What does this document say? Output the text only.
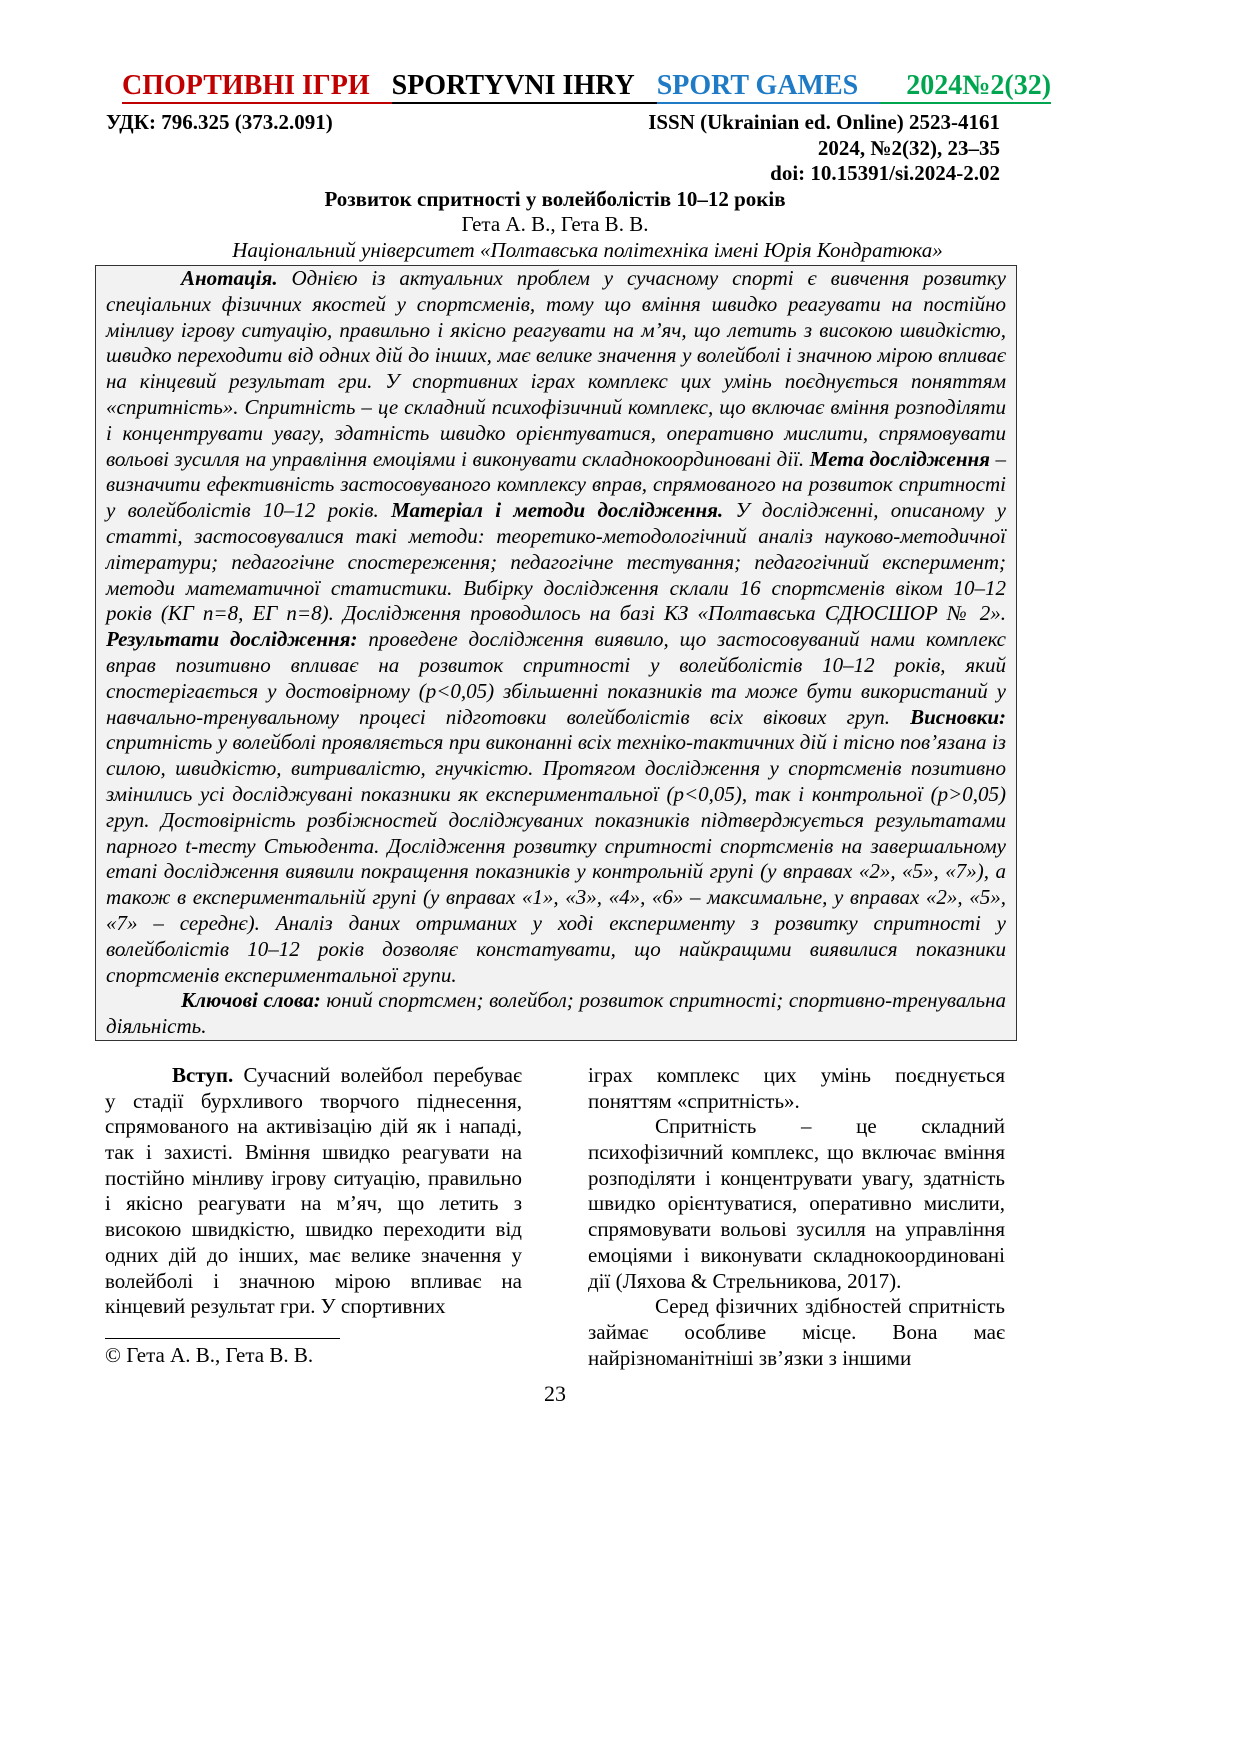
СПОРТИВНІ ІГРИ SPORTYVNI IHRY SPORT GAMES	2024№2(32)
УДК: 796.325 (373.2.091)	ISSN (Ukrainian ed. Online) 2523-4161
2024, №2(32), 23–35
doi: 10.15391/si.2024-2.02
Розвиток спритності у волейболістів 10–12 років
Гета А. В., Гета В. В.
Національний університет «Полтавська політехніка імені Юрія Кондратюка»

Анотація. Однією із актуальних проблем у сучасному спорті є вивчення розвитку спеціальних фізичних якостей у спортсменів, тому що вміння швидко реагувати на постійно мінливу ігрову ситуацію, правильно і якісно реагувати на м’яч, що летить з високою швидкістю, швидко переходити від одних дій до інших, має велике значення у волейболі і значною мірою впливає на кінцевий результат гри. У спортивних іграх комплекс цих умінь поєднується поняттям «спритність». Спритність – це складний психофізичний комплекс, що включає вміння розподіляти і концентрувати увагу, здатність швидко орієнтуватися, оперативно мислити, спрямовувати вольові зусилля на управління емоціями і виконувати складнокоординовані дії. Мета дослідження – визначити ефективність застосовуваного комплексу вправ, спрямованого на розвиток спритності у волейболістів 10–12 років. Матеріал і методи дослідження. У дослідженні, описаному у статті, застосовувалися такі методи: теоретико-методологічний аналіз науково-методичної літератури; педагогічне спостереження; педагогічне тестування; педагогічний експеримент; методи математичної статистики. Вибірку дослідження склали 16 спортсменів віком 10–12 років (КГ n=8, ЕГ n=8). Дослідження проводилось на базі КЗ «Полтавська СДЮСШОР № 2». Результати дослідження: проведене дослідження виявило, що застосовуваний нами комплекс вправ позитивно впливає на розвиток спритності у волейболістів 10–12 років, який спостерігається у достовірному (p<0,05) збільшенні показників та може бути використаний у навчально-тренувальному процесі підготовки волейболістів всіх вікових груп. Висновки: спритність у волейболі проявляється при виконанні всіх техніко-тактичних дій і тісно пов’язана із силою, швидкістю, витривалістю, гнучкістю. Протягом дослідження у спортсменів позитивно змінились усі досліджувані показники як експериментальної (p<0,05), так і контрольної (p>0,05) груп. Достовірність розбіжностей досліджуваних показників підтверджується результатами парного t-тесту Стьюдента. Дослідження розвитку спритності спортсменів на завершальному етапі дослідження виявили покращення показників у контрольній групі (у вправах «2», «5», «7»), а також в експериментальній групі (у вправах «1», «3», «4», «6» – максимальне, у вправах «2», «5», «7» – середнє). Аналіз даних отриманих у ході експерименту з розвитку спритності у волейболістів 10–12 років дозволяє констатувати, що найкращими виявилися показники спортсменів експериментальної групи.

Ключові слова: юний спортсмен; волейбол; розвиток спритності; спортивно-тренувальна діяльність.

Вступ. Сучасний волейбол перебуває у стадії бурхливого творчого піднесення, спрямованого на активізацію дій як і нападі, так і захисті. Вміння швидко реагувати на постійно мінливу ігрову ситуацію, правильно і якісно реагувати на м’яч, що летить з високою швидкістю, швидко переходити від одних дій до інших, має велике значення у волейболі і значною мірою впливає на кінцевий результат гри. У спортивних

© Гета А. В., Гета В. В.

іграх комплекс цих умінь поєднується поняттям «спритність».

Спритність – це складний психофізичний комплекс, що включає вміння розподіляти і концентрувати увагу, здатність швидко орієнтуватися, оперативно мислити, спрямовувати вольові зусилля на управління емоціями і виконувати складнокоординовані дії (Ляхова & Стрельникова, 2017).

Серед фізичних здібностей спритність займає особливе місце. Вона має найрізноманітніші зв’язки з іншими

23
